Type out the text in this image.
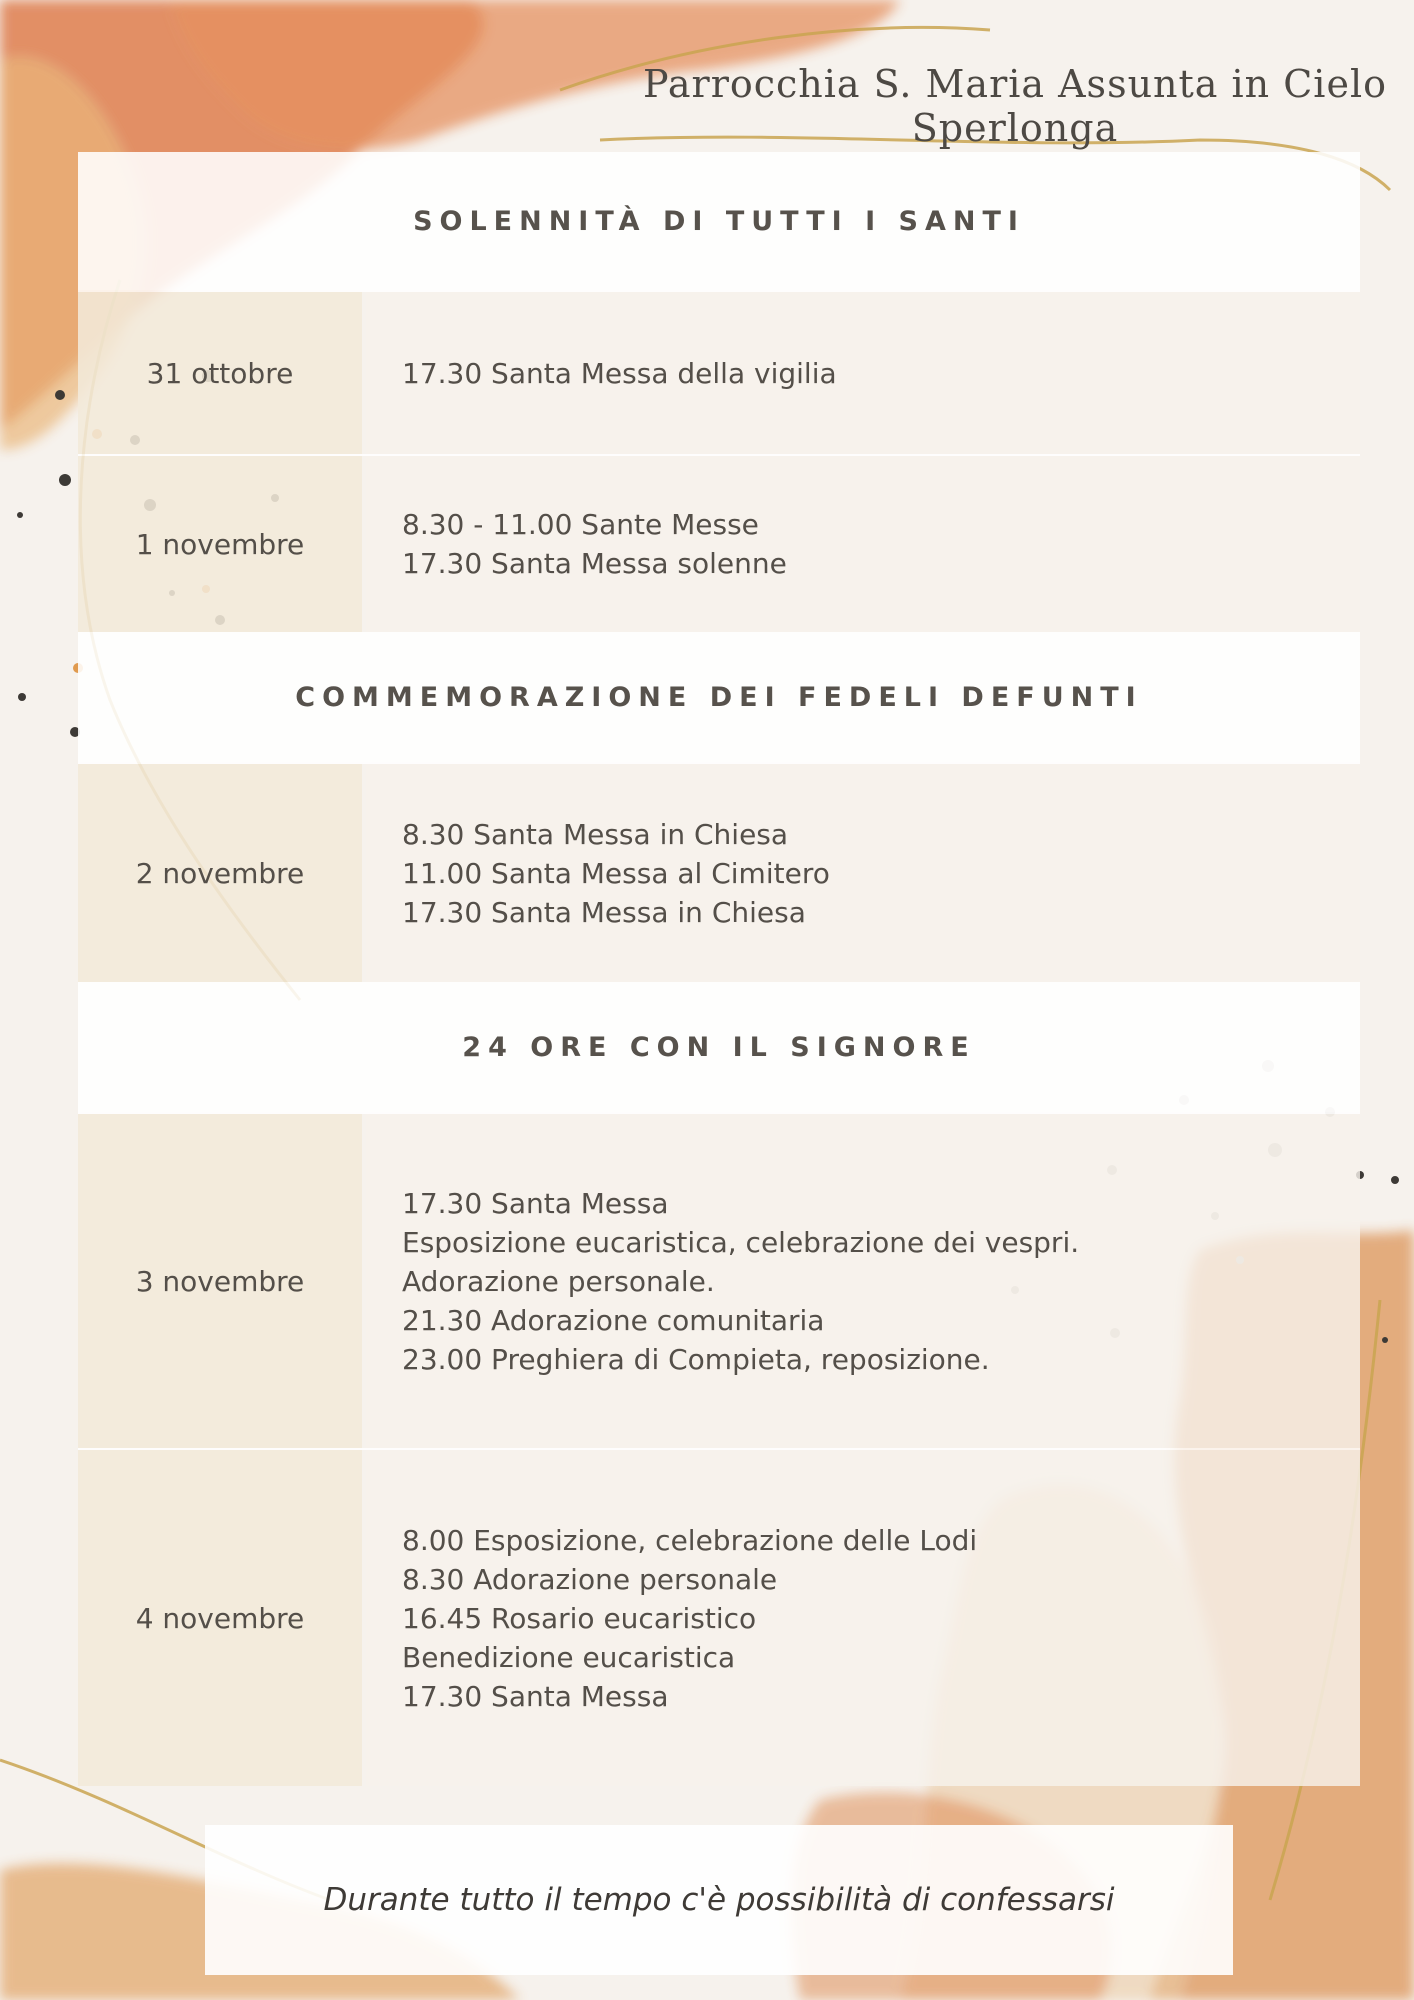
Parrocchia S. Maria Assunta in Cielo
Sperlonga
SOLENNITÀ DI TUTTI I SANTI
31 ottobre	17.30 Santa Messa della vigilia
1 novembre
8.30 - 11.00 Sante Messe
17.30 Santa Messa solenne
COMMEMORAZIONE DEI FEDELI DEFUNTI
2 novembre
8.30 Santa Messa in Chiesa
11.00 Santa Messa al Cimitero
17.30 Santa Messa in Chiesa
24 ORE CON IL SIGNORE
3 novembre
17.30 Santa Messa
Esposizione eucaristica, celebrazione dei vespri.
Adorazione personale.
21.30 Adorazione comunitaria
23.00 Preghiera di Compieta, reposizione.
4 novembre
8.00 Esposizione, celebrazione delle Lodi
8.30 Adorazione personale
16.45 Rosario eucaristico
Benedizione eucaristica
17.30 Santa Messa
Durante tutto il tempo c'è possibilità di confessarsi
